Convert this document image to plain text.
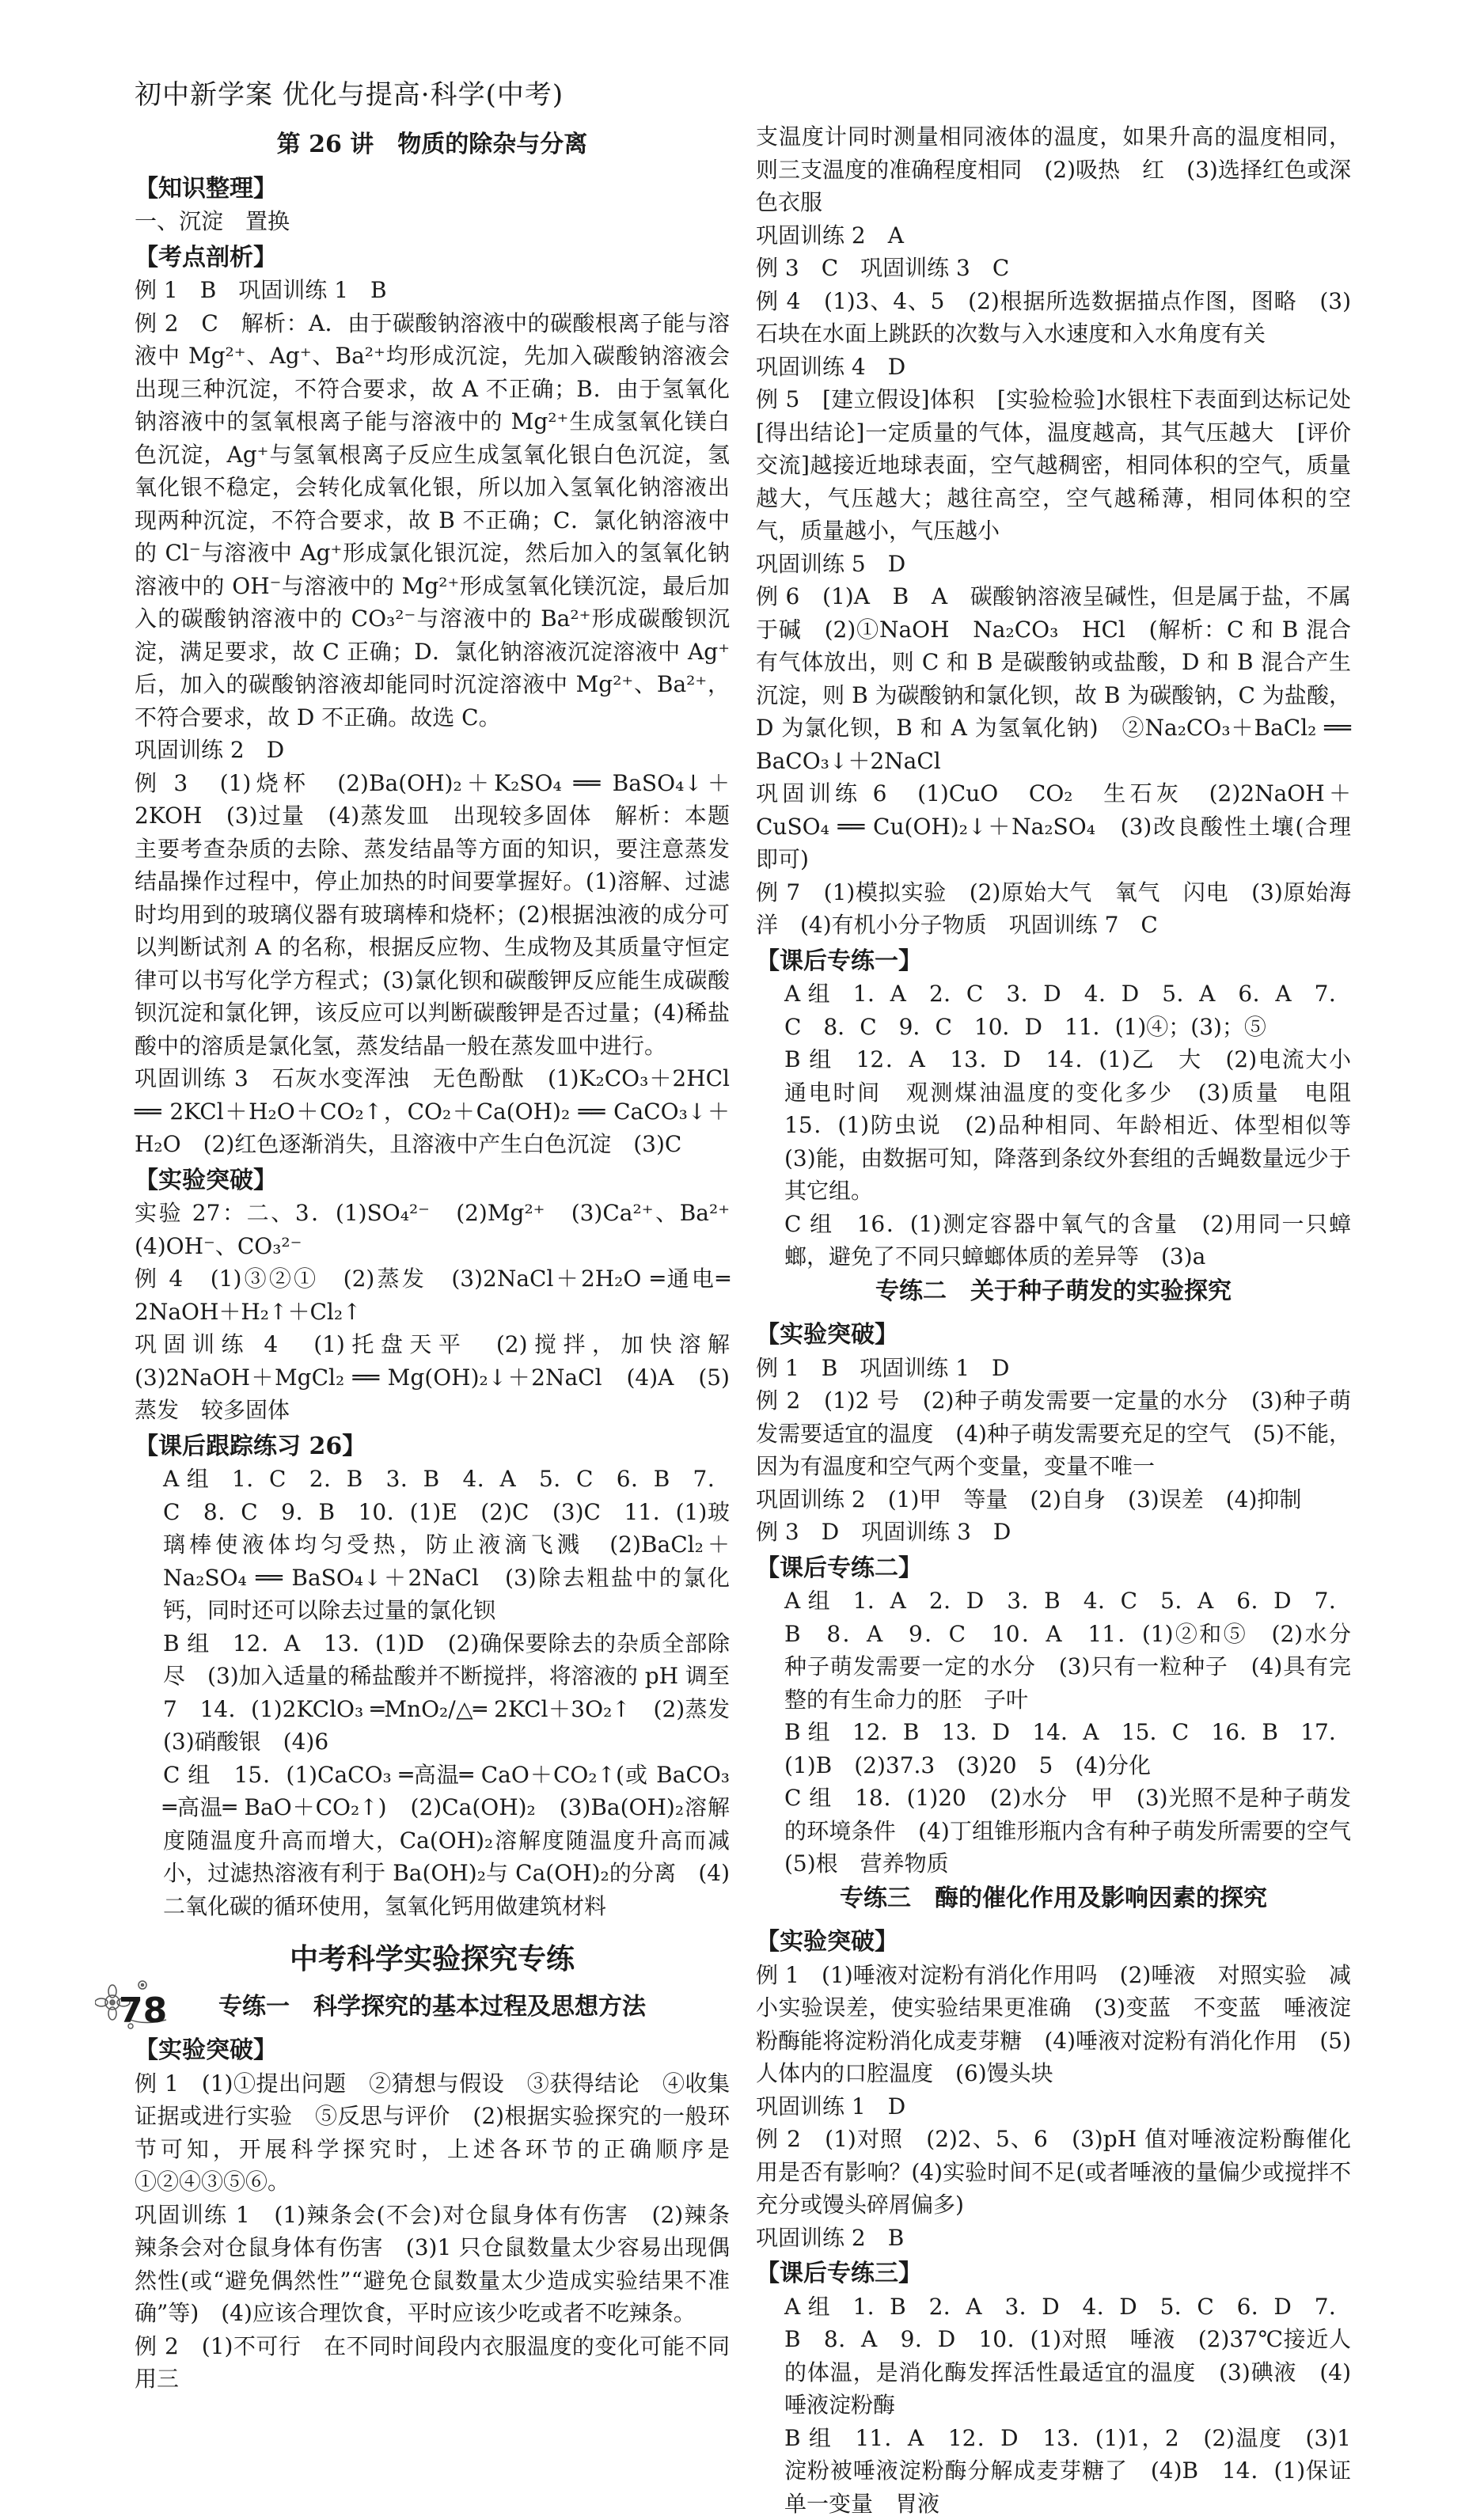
初中新学案 优化与提高·科学(中考)

第 26 讲　物质的除杂与分离

【知识整理】

一、沉淀　置换

【考点剖析】

例 1　B　巩固训练 1　B

例 2　C　解析：A．由于碳酸钠溶液中的碳酸根离子能与溶液中 Mg²⁺、Ag⁺、Ba²⁺均形成沉淀，先加入碳酸钠溶液会出现三种沉淀，不符合要求，故 A 不正确；B．由于氢氧化钠溶液中的氢氧根离子能与溶液中的 Mg²⁺生成氢氧化镁白色沉淀，Ag⁺与氢氧根离子反应生成氢氧化银白色沉淀，氢氧化银不稳定，会转化成氧化银，所以加入氢氧化钠溶液出现两种沉淀，不符合要求，故 B 不正确；C．氯化钠溶液中的 Cl⁻与溶液中 Ag⁺形成氯化银沉淀，然后加入的氢氧化钠溶液中的 OH⁻与溶液中的 Mg²⁺形成氢氧化镁沉淀，最后加入的碳酸钠溶液中的 CO₃²⁻与溶液中的 Ba²⁺形成碳酸钡沉淀，满足要求，故 C 正确；D．氯化钠溶液沉淀溶液中 Ag⁺后，加入的碳酸钠溶液却能同时沉淀溶液中 Mg²⁺、Ba²⁺，不符合要求，故 D 不正确。故选 C。

巩固训练 2　D

例 3　(1)烧杯　(2)Ba(OH)₂＋K₂SO₄ ══ BaSO₄↓＋2KOH　(3)过量　(4)蒸发皿　出现较多固体　解析：本题主要考查杂质的去除、蒸发结晶等方面的知识，要注意蒸发结晶操作过程中，停止加热的时间要掌握好。(1)溶解、过滤时均用到的玻璃仪器有玻璃棒和烧杯；(2)根据浊液的成分可以判断试剂 A 的名称，根据反应物、生成物及其质量守恒定律可以书写化学方程式；(3)氯化钡和碳酸钾反应能生成碳酸钡沉淀和氯化钾，该反应可以判断碳酸钾是否过量；(4)稀盐酸中的溶质是氯化氢，蒸发结晶一般在蒸发皿中进行。

巩固训练 3　石灰水变浑浊　无色酚酞　(1)K₂CO₃＋2HCl ══ 2KCl＋H₂O＋CO₂↑，CO₂＋Ca(OH)₂ ══ CaCO₃↓＋H₂O　(2)红色逐渐消失，且溶液中产生白色沉淀　(3)C

【实验突破】

实验 27：二、3．(1)SO₄²⁻　(2)Mg²⁺　(3)Ca²⁺、Ba²⁺　(4)OH⁻、CO₃²⁻

例 4　(1)③②①　(2)蒸发　(3)2NaCl＋2H₂O ═通电═ 2NaOH＋H₂↑＋Cl₂↑

巩固训练 4　(1)托盘天平　(2)搅拌，加快溶解　(3)2NaOH＋MgCl₂ ══ Mg(OH)₂↓＋2NaCl　(4)A　(5)蒸发　较多固体

【课后跟踪练习 26】

A 组　1．C　2．B　3．B　4．A　5．C　6．B　7．C　8．C　9．B　10．(1)E　(2)C　(3)C　11．(1)玻璃棒使液体均匀受热，防止液滴飞溅　(2)BaCl₂＋Na₂SO₄ ══ BaSO₄↓＋2NaCl　(3)除去粗盐中的氯化钙，同时还可以除去过量的氯化钡

B 组　12．A　13．(1)D　(2)确保要除去的杂质全部除尽　(3)加入适量的稀盐酸并不断搅拌，将溶液的 pH 调至 7　14．(1)2KClO₃ ═MnO₂/△═ 2KCl＋3O₂↑　(2)蒸发　(3)硝酸银　(4)6

C 组　15．(1)CaCO₃ ═高温═ CaO＋CO₂↑(或 BaCO₃ ═高温═ BaO＋CO₂↑)　(2)Ca(OH)₂　(3)Ba(OH)₂溶解度随温度升高而增大，Ca(OH)₂溶解度随温度升高而减小，过滤热溶液有利于 Ba(OH)₂与 Ca(OH)₂的分离　(4)二氧化碳的循环使用，氢氧化钙用做建筑材料

中考科学实验探究专练

专练一　科学探究的基本过程及思想方法

【实验突破】

例 1　(1)①提出问题　②猜想与假设　③获得结论　④收集证据或进行实验　⑤反思与评价　(2)根据实验探究的一般环节可知，开展科学探究时，上述各环节的正确顺序是①②④③⑤⑥。

巩固训练 1　(1)辣条会(不会)对仓鼠身体有伤害　(2)辣条　辣条会对仓鼠身体有伤害　(3)1 只仓鼠数量太少容易出现偶然性(或“避免偶然性”“避免仓鼠数量太少造成实验结果不准确”等)　(4)应该合理饮食，平时应该少吃或者不吃辣条。

例 2　(1)不可行　在不同时间段内衣服温度的变化可能不同　用三

支温度计同时测量相同液体的温度，如果升高的温度相同，则三支温度的准确程度相同　(2)吸热　红　(3)选择红色或深色衣服

巩固训练 2　A

例 3　C　巩固训练 3　C

例 4　(1)3、4、5　(2)根据所选数据描点作图，图略　(3)石块在水面上跳跃的次数与入水速度和入水角度有关

巩固训练 4　D

例 5　[建立假设]体积　[实验检验]水银柱下表面到达标记处　[得出结论]一定质量的气体，温度越高，其气压越大　[评价交流]越接近地球表面，空气越稠密，相同体积的空气，质量越大，气压越大；越往高空，空气越稀薄，相同体积的空气，质量越小，气压越小

巩固训练 5　D

例 6　(1)A　B　A　碳酸钠溶液呈碱性，但是属于盐，不属于碱　(2)①NaOH　Na₂CO₃　HCl　(解析：C 和 B 混合有气体放出，则 C 和 B 是碳酸钠或盐酸，D 和 B 混合产生沉淀，则 B 为碳酸钠和氯化钡，故 B 为碳酸钠，C 为盐酸，D 为氯化钡，B 和 A 为氢氧化钠)　②Na₂CO₃＋BaCl₂ ══ BaCO₃↓＋2NaCl

巩固训练 6　(1)CuO　CO₂　生石灰　(2)2NaOH＋CuSO₄ ══ Cu(OH)₂↓＋Na₂SO₄　(3)改良酸性土壤(合理即可)

例 7　(1)模拟实验　(2)原始大气　氧气　闪电　(3)原始海洋　(4)有机小分子物质　巩固训练 7　C

【课后专练一】

A 组　1．A　2．C　3．D　4．D　5．A　6．A　7．C　8．C　9．C　10．D　11．(1)④；(3)；⑤

B 组　12．A　13．D　14．(1)乙　大　(2)电流大小　通电时间　观测煤油温度的变化多少　(3)质量　电阻　15．(1)防虫说　(2)品种相同、年龄相近、体型相似等　(3)能，由数据可知，降落到条纹外套组的舌蝇数量远少于其它组。

C 组　16．(1)测定容器中氧气的含量　(2)用同一只蟑螂，避免了不同只蟑螂体质的差异等　(3)a

专练二　关于种子萌发的实验探究

【实验突破】

例 1　B　巩固训练 1　D

例 2　(1)2 号　(2)种子萌发需要一定量的水分　(3)种子萌发需要适宜的温度　(4)种子萌发需要充足的空气　(5)不能，因为有温度和空气两个变量，变量不唯一

巩固训练 2　(1)甲　等量　(2)自身　(3)误差　(4)抑制

例 3　D　巩固训练 3　D

【课后专练二】

A 组　1．A　2．D　3．B　4．C　5．A　6．D　7．B　8．A　9．C　10．A　11．(1)②和⑤　(2)水分　种子萌发需要一定的水分　(3)只有一粒种子　(4)具有完整的有生命力的胚　子叶

B 组　12．B　13．D　14．A　15．C　16．B　17．(1)B　(2)37.3　(3)20　5　(4)分化

C 组　18．(1)20　(2)水分　甲　(3)光照不是种子萌发的环境条件　(4)丁组锥形瓶内含有种子萌发所需要的空气　(5)根　营养物质

专练三　酶的催化作用及影响因素的探究

【实验突破】

例 1　(1)唾液对淀粉有消化作用吗　(2)唾液　对照实验　减小实验误差，使实验结果更准确　(3)变蓝　不变蓝　唾液淀粉酶能将淀粉消化成麦芽糖　(4)唾液对淀粉有消化作用　(5)人体内的口腔温度　(6)馒头块

巩固训练 1　D

例 2　(1)对照　(2)2、5、6　(3)pH 值对唾液淀粉酶催化用是否有影响？(4)实验时间不足(或者唾液的量偏少或搅拌不充分或馒头碎屑偏多)

巩固训练 2　B

【课后专练三】

A 组　1．B　2．A　3．D　4．D　5．C　6．D　7．B　8．A　9．D　10．(1)对照　唾液　(2)37℃接近人的体温，是消化酶发挥活性最适宜的温度　(3)碘液　(4)唾液淀粉酶

B 组　11．A　12．D　13．(1)1，2　(2)温度　(3)1　淀粉被唾液淀粉酶分解成麦芽糖了　(4)B　14．(1)保证单一变量　胃液

78
